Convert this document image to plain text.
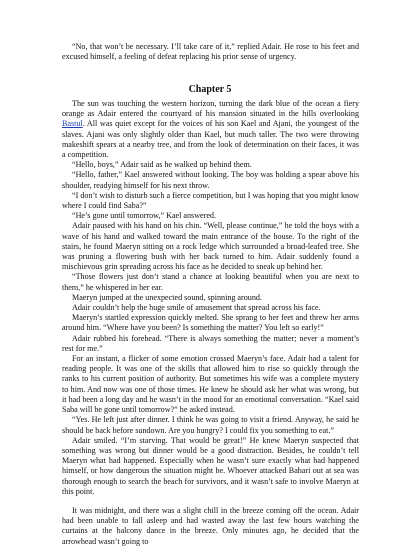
“No, that won’t be necessary. I’ll take care of it,” replied Adair. He rose to his feet and excused himself, a feeling of defeat replacing his prior sense of urgency.

Chapter 5

The sun was touching the western horizon, turning the dark blue of the ocean a fiery orange as Adair entered the courtyard of his mansion situated in the hills overlooking Bastul. All was quiet except for the voices of his son Kael and Ajani, the youngest of the slaves. Ajani was only slightly older than Kael, but much taller. The two were throwing makeshift spears at a nearby tree, and from the look of determination on their faces, it was a competition.

“Hello, boys,” Adair said as he walked up behind them.

“Hello, father,” Kael answered without looking. The boy was holding a spear above his shoulder, readying himself for his next throw.

“I don’t wish to disturb such a fierce competition, but I was hoping that you might know where I could find Saba?”

“He’s gone until tomorrow,” Kael answered.

Adair paused with his hand on his chin. “Well, please continue,” he told the boys with a wave of his hand and walked toward the main entrance of the house. To the right of the stairs, he found Maeryn sitting on a rock ledge which surrounded a broad-leafed tree. She was pruning a flowering bush with her back turned to him. Adair suddenly found a mischievous grin spreading across his face as he decided to sneak up behind her.

“Those flowers just don’t stand a chance at looking beautiful when you are next to them,” he whispered in her ear.

Maeryn jumped at the unexpected sound, spinning around.

Adair couldn’t help the huge smile of amusement that spread across his face.

Maeryn’s startled expression quickly melted. She sprang to her feet and threw her arms around him. “Where have you been? Is something the matter? You left so early!”

Adair rubbed his forehead. “There is always something the matter; never a moment’s rest for me.”

For an instant, a flicker of some emotion crossed Maeryn’s face. Adair had a talent for reading people. It was one of the skills that allowed him to rise so quickly through the ranks to his current position of authority. But sometimes his wife was a complete mystery to him. And now was one of those times. He knew he should ask her what was wrong, but it had been a long day and he wasn’t in the mood for an emotional conversation. “Kael said Saba will be gone until tomorrow?” he asked instead.

“Yes. He left just after dinner. I think he was going to visit a friend. Anyway, he said he should be back before sundown. Are you hungry? I could fix you something to eat.”

Adair smiled. “I’m starving. That would be great!” He knew Maeryn suspected that something was wrong but dinner would be a good distraction. Besides, he couldn’t tell Maeryn what had happened. Especially when he wasn’t sure exactly what had happened himself, or how dangerous the situation might be. Whoever attacked Bahari out at sea was thorough enough to search the beach for survivors, and it wasn’t safe to involve Maeryn at this point.

It was midnight, and there was a slight chill in the breeze coming off the ocean. Adair had been unable to fall asleep and had wasted away the last few hours watching the curtains at the balcony dance in the breeze. Only minutes ago, he decided that the arrowhead wasn’t going to
